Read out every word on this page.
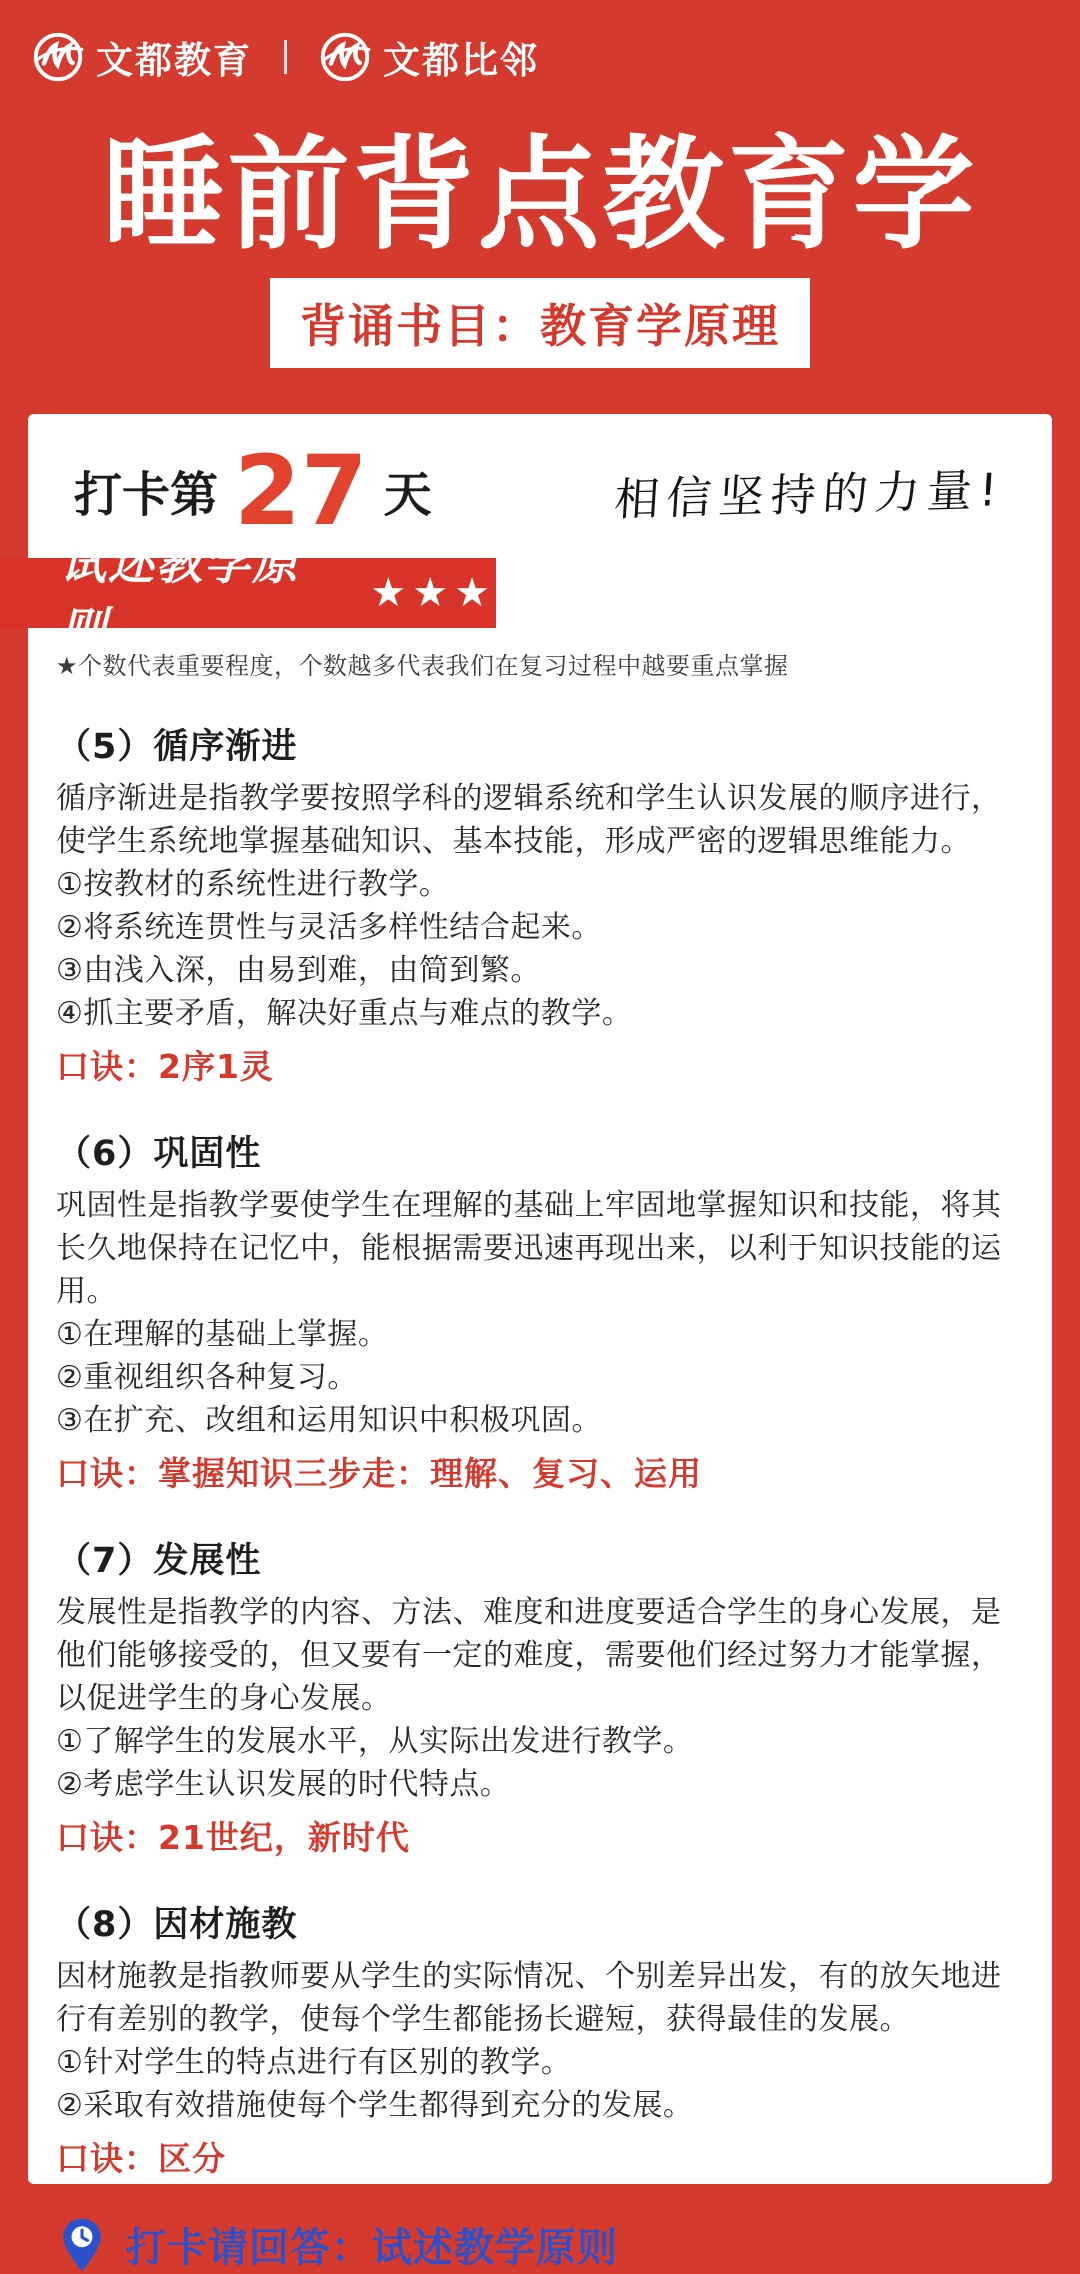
文都教育	文都比邻
睡前背点教育学
背诵书目：教育学原理
打卡第 27 天	相信坚持的力量!
试述教学原则
★★★
★个数代表重要程度，个数越多代表我们在复习过程中越要重点掌握
（5）循序渐进

循序渐进是指教学要按照学科的逻辑系统和学生认识发展的顺序进行，使学生系统地掌握基础知识、基本技能，形成严密的逻辑思维能力。

①按教材的系统性进行教学。

②将系统连贯性与灵活多样性结合起来。

③由浅入深，由易到难，由简到繁。

④抓主要矛盾，解决好重点与难点的教学。

口诀：2序1灵

（6）巩固性

巩固性是指教学要使学生在理解的基础上牢固地掌握知识和技能，将其长久地保持在记忆中，能根据需要迅速再现出来，以利于知识技能的运用。

①在理解的基础上掌握。

②重视组织各种复习。

③在扩充、改组和运用知识中积极巩固。

口诀：掌握知识三步走：理解、复习、运用

（7）发展性

发展性是指教学的内容、方法、难度和进度要适合学生的身心发展，是他们能够接受的，但又要有一定的难度，需要他们经过努力才能掌握，以促进学生的身心发展。

①了解学生的发展水平，从实际出发进行教学。

②考虑学生认识发展的时代特点。

口诀：21世纪，新时代

（8）因材施教

因材施教是指教师要从学生的实际情况、个别差异出发，有的放矢地进行有差别的教学，使每个学生都能扬长避短，获得最佳的发展。

①针对学生的特点进行有区别的教学。

②采取有效措施使每个学生都得到充分的发展。

口诀：区分

打卡请回答：试述教学原则
